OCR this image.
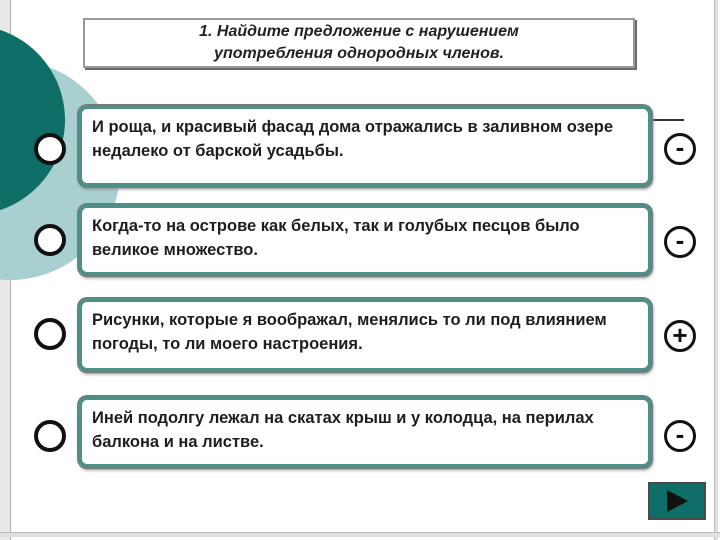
1. Найдите предложение с нарушением
употребления однородных членов.
И роща, и красивый фасад дома отражались в заливном озере недалеко от барской усадьбы.	-
Когда-то на острове как белых, так и голубых песцов было великое множество.	-
Рисунки, которые я воображал, менялись то ли под влиянием погоды, то ли моего настроения.	+
Иней подолгу лежал на скатах крыш и у колодца, на перилах балкона и на листве.	-
